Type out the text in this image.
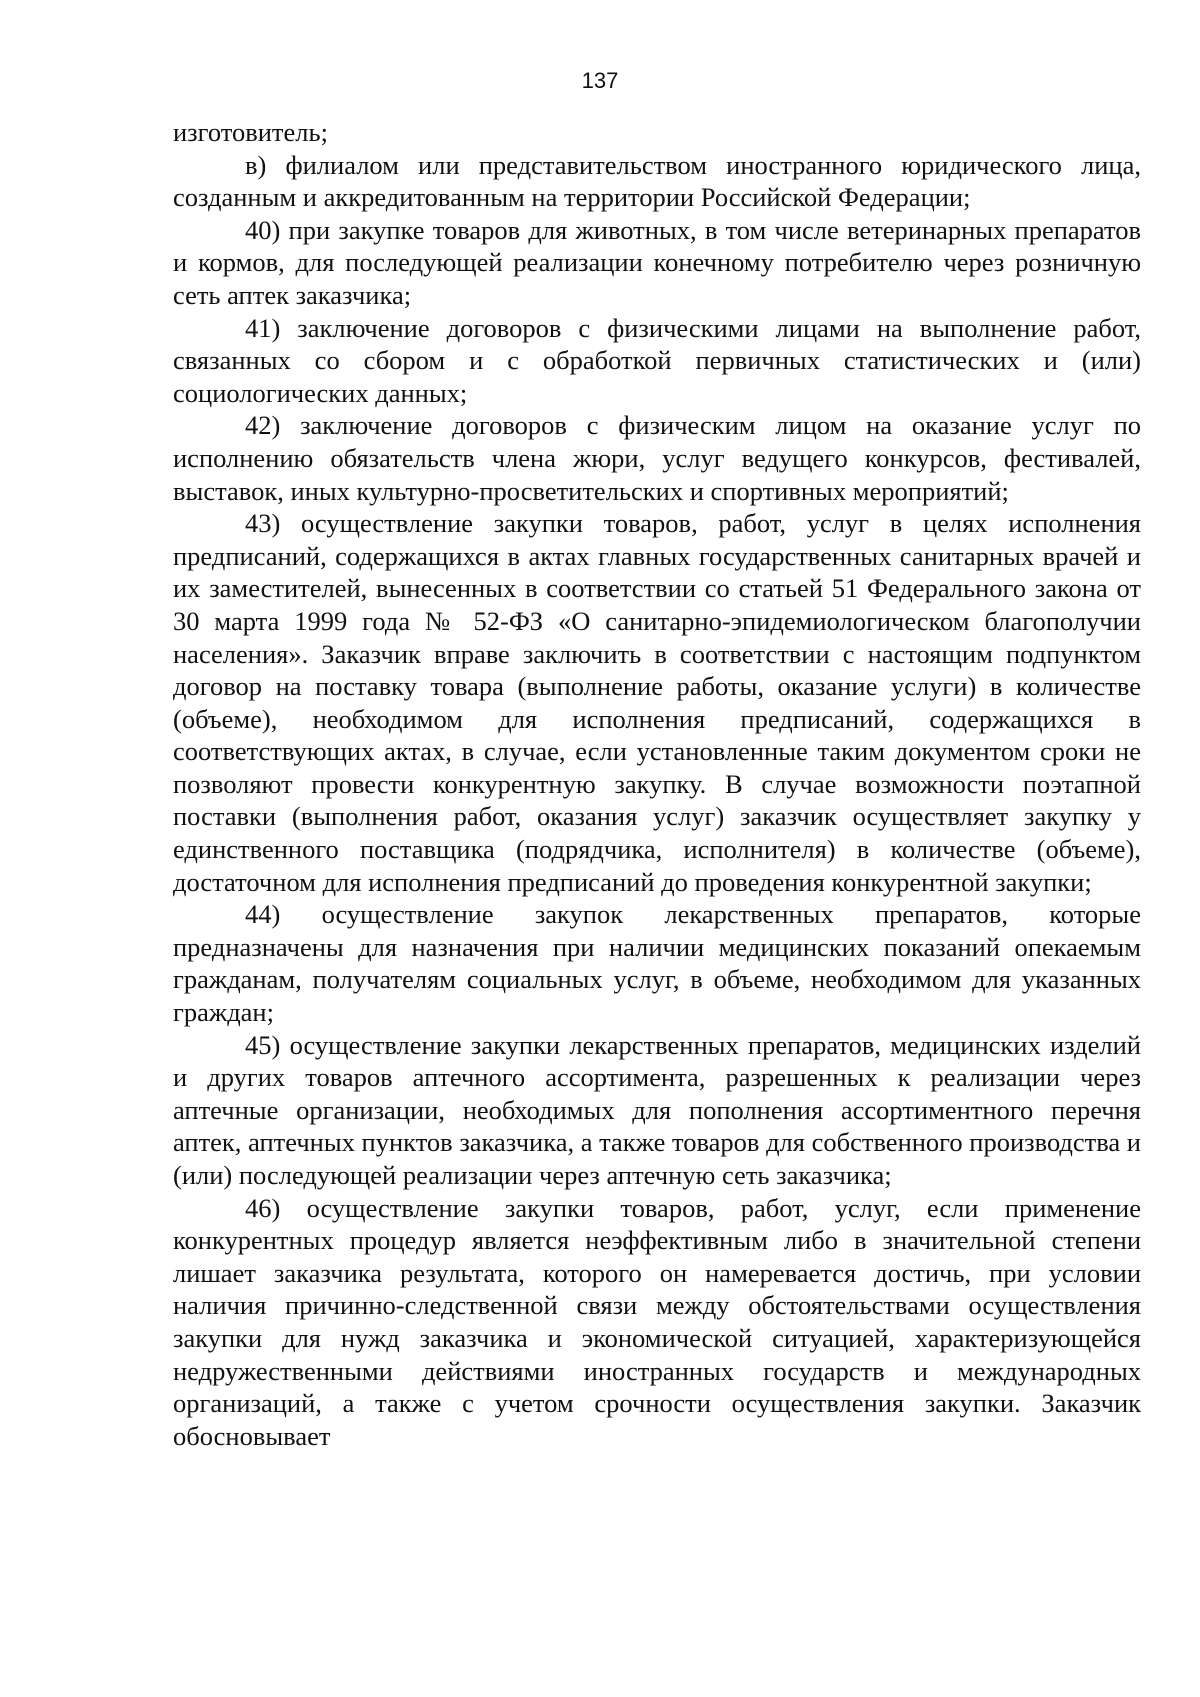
137

изготовитель;

в) филиалом или представительством иностранного юридического лица, созданным и аккредитованным на территории Российской Федерации;

40) при закупке товаров для животных, в том числе ветеринарных препаратов и кормов, для последующей реализации конечному потребителю через розничную сеть аптек заказчика;

41) заключение договоров с физическими лицами на выполнение работ, связанных со сбором и с обработкой первичных статистических и (или) социологических данных;

42) заключение договоров с физическим лицом на оказание услуг по исполнению обязательств члена жюри, услуг ведущего конкурсов, фестивалей, выставок, иных культурно-просветительских и спортивных мероприятий;

43) осуществление закупки товаров, работ, услуг в целях исполнения предписаний, содержащихся в актах главных государственных санитарных врачей и их заместителей, вынесенных в соответствии со статьей 51 Федерального закона от 30 марта 1999 года № 52-ФЗ «О санитарно-эпидемиологическом благополучии населения». Заказчик вправе заключить в соответствии с настоящим подпунктом договор на поставку товара (выполнение работы, оказание услуги) в количестве (объеме), необходимом для исполнения предписаний, содержащихся в соответствующих актах, в случае, если установленные таким документом сроки не позволяют провести конкурентную закупку. В случае возможности поэтапной поставки (выполнения работ, оказания услуг) заказчик осуществляет закупку у единственного поставщика (подрядчика, исполнителя) в количестве (объеме), достаточном для исполнения предписаний до проведения конкурентной закупки;

44) осуществление закупок лекарственных препаратов, которые предназначены для назначения при наличии медицинских показаний опекаемым гражданам, получателям социальных услуг, в объеме, необходимом для указанных граждан;

45) осуществление закупки лекарственных препаратов, медицинских изделий и других товаров аптечного ассортимента, разрешенных к реализации через аптечные организации, необходимых для пополнения ассортиментного перечня аптек, аптечных пунктов заказчика, а также товаров для собственного производства и (или) последующей реализации через аптечную сеть заказчика;

46) осуществление закупки товаров, работ, услуг, если применение конкурентных процедур является неэффективным либо в значительной степени лишает заказчика результата, которого он намеревается достичь, при условии наличия причинно-следственной связи между обстоятельствами осуществления закупки для нужд заказчика и экономической ситуацией, характеризующейся недружественными действиями иностранных государств и международных организаций, а также с учетом срочности осуществления закупки. Заказчик обосновывает
